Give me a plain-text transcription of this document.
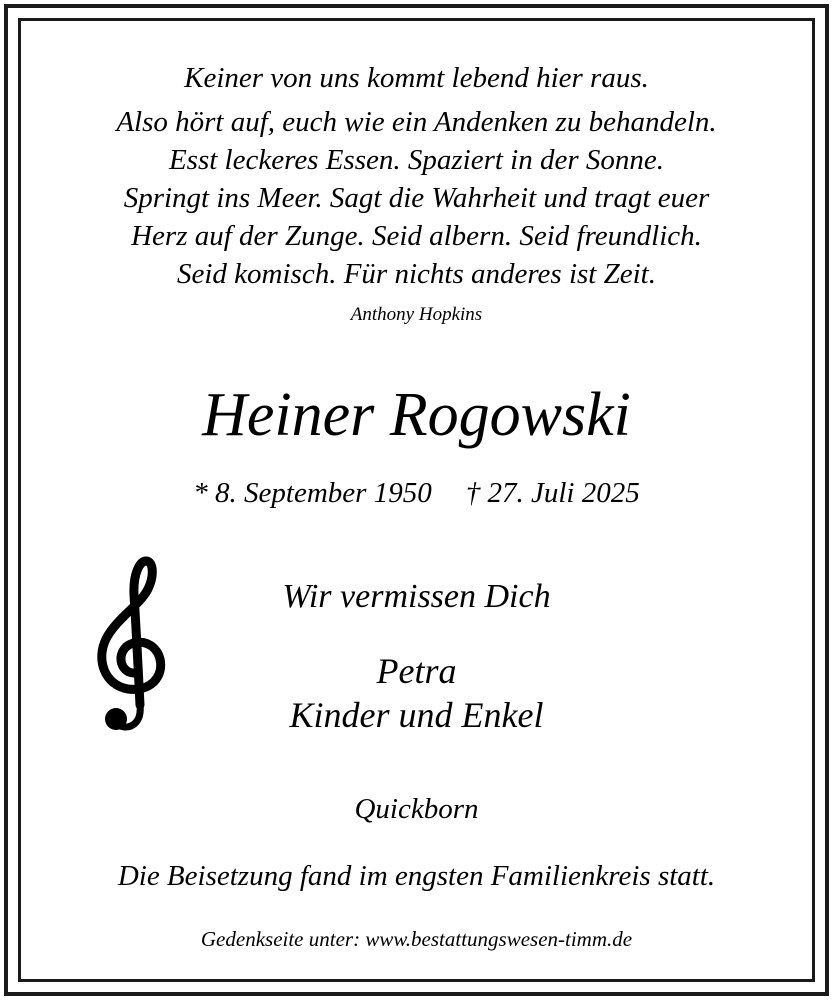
Keiner von uns kommt lebend hier raus.
Also hört auf, euch wie ein Andenken zu behandeln.
Esst leckeres Essen. Spaziert in der Sonne.
Springt ins Meer. Sagt die Wahrheit und tragt euer
Herz auf der Zunge. Seid albern. Seid freundlich.
Seid komisch. Für nichts anderes ist Zeit.
Anthony Hopkins
Heiner Rogowski
* 8. September 1950 † 27. Juli 2025
Wir vermissen Dich
Petra
Kinder und Enkel
Quickborn
Die Beisetzung fand im engsten Familienkreis statt.
Gedenkseite unter: www.bestattungswesen-timm.de
